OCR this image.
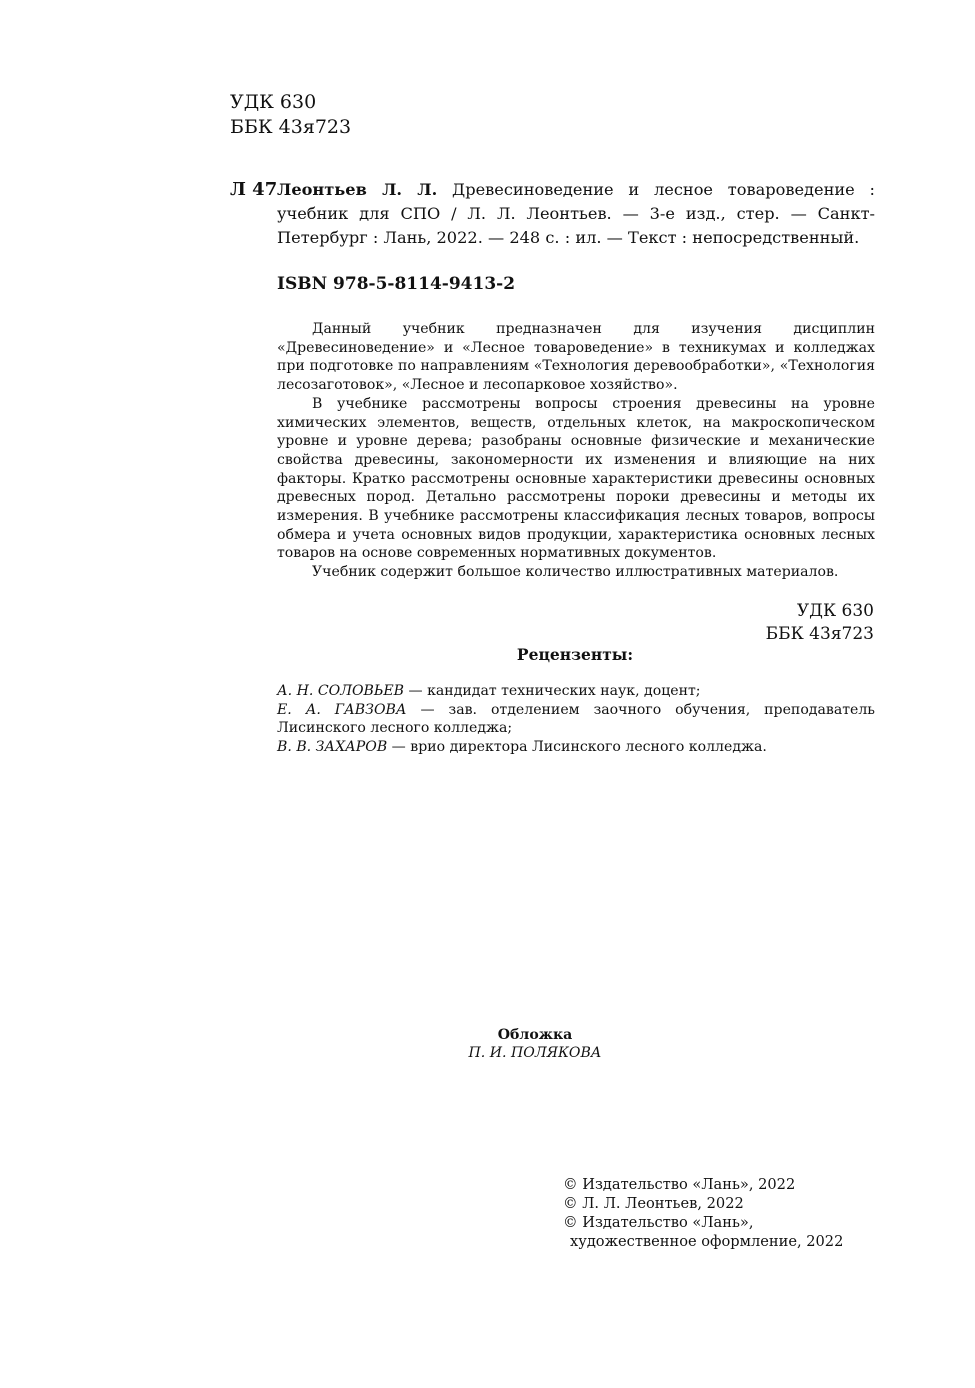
УДК 630
ББК 43я723
Л 47 Леонтьев Л. Л. Древесиноведение и лесное товароведение : учебник для СПО / Л. Л. Леонтьев. — 3-е изд., стер. — Санкт-Петербург : Лань, 2022. — 248 с. : ил. — Текст : непосредственный.
ISBN 978-5-8114-9413-2

Данный учебник предназначен для изучения дисциплин «Древесиноведение» и «Лесное товароведение» в техникумах и колледжах при подготовке по направлениям «Технология деревообработки», «Технология лесозаготовок», «Лесное и лесопарковое хозяйство».

В учебнике рассмотрены вопросы строения древесины на уровне химических элементов, веществ, отдельных клеток, на макроскопическом уровне и уровне дерева; разобраны основные физические и механические свойства древесины, закономерности их изменения и влияющие на них факторы. Кратко рассмотрены основные характеристики древесины основных древесных пород. Детально рассмотрены пороки древесины и методы их измерения. В учебнике рассмотрены классификация лесных товаров, вопросы обмера и учета основных видов продукции, характеристика основных лесных товаров на основе современных нормативных документов.

Учебник содержит большое количество иллюстративных материалов.

УДК 630
ББК 43я723
Рецензенты:

А. Н. СОЛОВЬЕВ — кандидат технических наук, доцент;

Е. А. ГАВЗОВА — зав. отделением заочного обучения, преподаватель Лисинского лесного колледжа;

В. В. ЗАХАРОВ — врио директора Лисинского лесного колледжа.

Обложка
П. И. ПОЛЯКОВА
© Издательство «Лань», 2022
© Л. Л. Леонтьев, 2022
© Издательство «Лань»,
художественное оформление, 2022
